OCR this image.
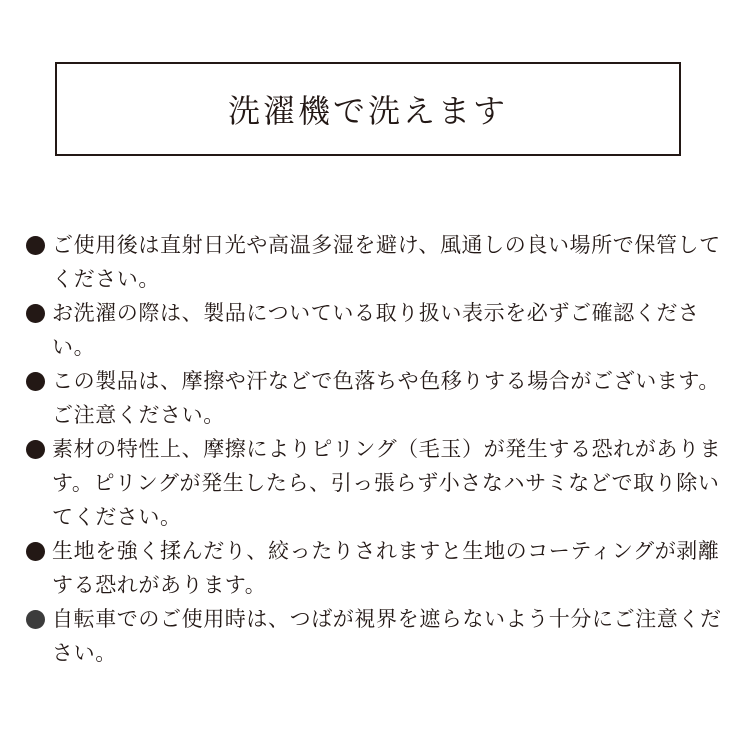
洗濯機で洗えます
ご使用後は直射日光や高温多湿を避け、風通しの良い場所で保管してください。
お洗濯の際は、製品についている取り扱い表示を必ずご確認ください。
この製品は、摩擦や汗などで色落ちや色移りする場合がございます。ご注意ください。
素材の特性上、摩擦によりピリング（毛玉）が発生する恐れがあります。ピリングが発生したら、引っ張らず小さなハサミなどで取り除いてください。
生地を強く揉んだり、絞ったりされますと生地のコーティングが剥離する恐れがあります。
自転車でのご使用時は、つばが視界を遮らないよう十分にご注意ください。
